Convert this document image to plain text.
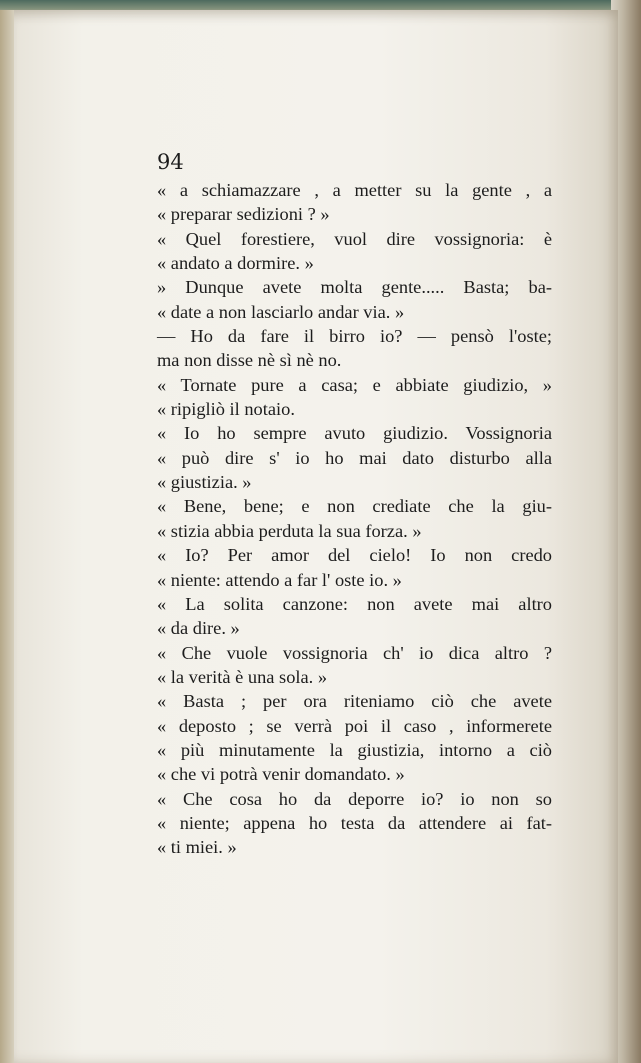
94
« a schiamazzare , a metter su la gente , a
« preparar sedizioni ? »
« Quel forestiere, vuol dire vossignoria: è
« andato a dormire. »
» Dunque avete molta gente..... Basta; ba-
« date a non lasciarlo andar via. »
— Ho da fare il birro io? — pensò l'oste;
ma non disse nè sì nè no.
« Tornate pure a casa; e abbiate giudizio, »
« ripigliò il notaio.
« Io ho sempre avuto giudizio. Vossignoria
« può dire s' io ho mai dato disturbo alla
« giustizia. »
« Bene, bene; e non crediate che la giu-
« stizia abbia perduta la sua forza. »
« Io? Per amor del cielo! Io non credo
« niente: attendo a far l' oste io. »
« La solita canzone: non avete mai altro
« da dire. »
« Che vuole vossignoria ch' io dica altro ?
« la verità è una sola. »
« Basta ; per ora riteniamo ciò che avete
« deposto ; se verrà poi il caso , informerete
« più minutamente la giustizia, intorno a ciò
« che vi potrà venir domandato. »
« Che cosa ho da deporre io? io non so
« niente; appena ho testa da attendere ai fat-
« ti miei. »
